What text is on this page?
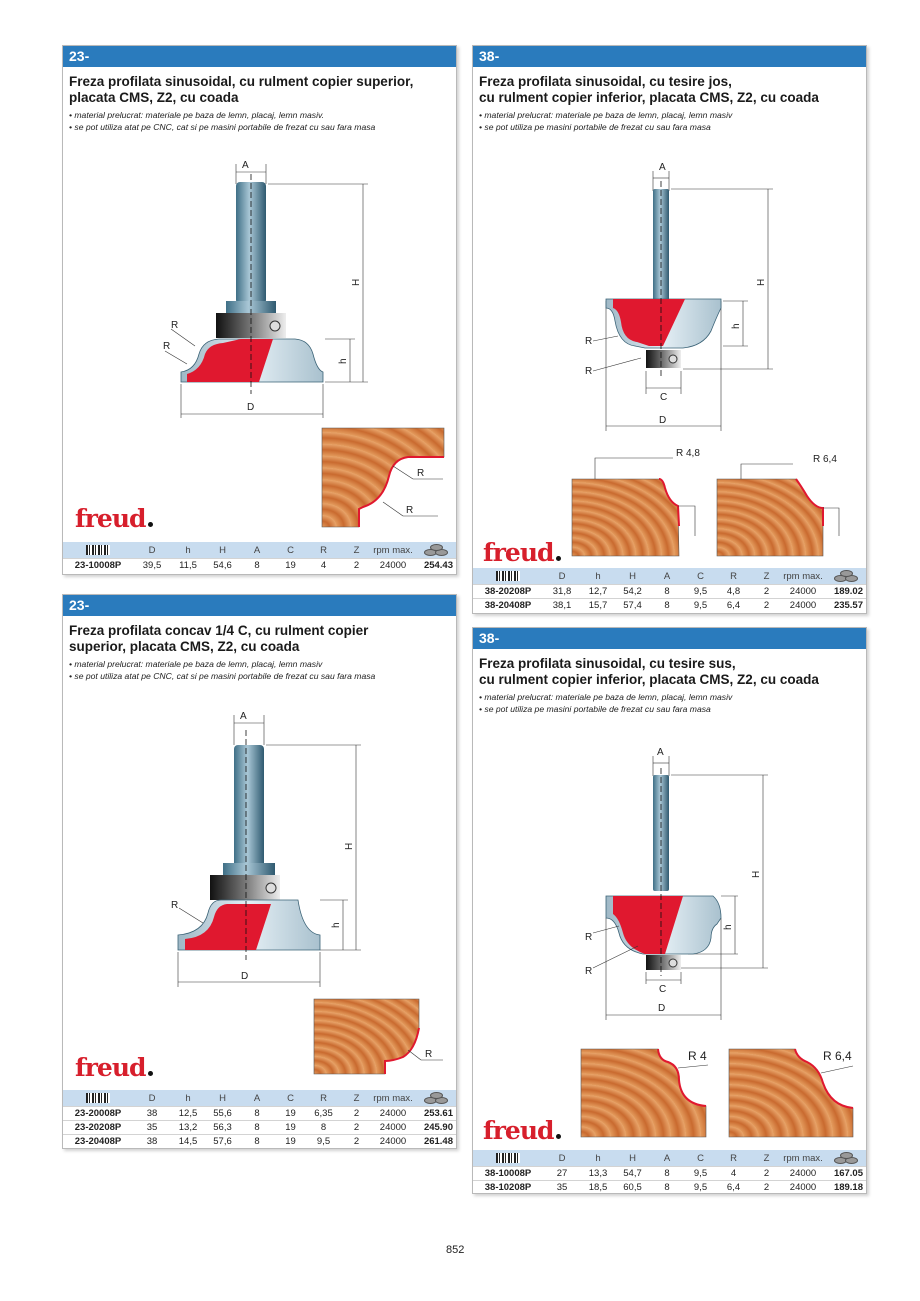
23-
Freza profilata sinusoidal, cu rulment copier superior,
placata CMS, Z2, cu coada
• material prelucrat: materiale pe baza de lemn, placaj, lemn masiv.
• se pot utiliza atat pe CNC, cat si pe masini portabile de frezat cu sau fara masa
A
H
h
D
R
R
R
R
freud
	D	h	H	A	C	R	Z	rpm max.	

23-10008P	39,5	11,5	54,6	8	19	4	2	24000	254.43
38-
Freza profilata sinusoidal, cu tesire jos,
cu rulment copier inferior, placata CMS, Z2, cu coada
• material prelucrat: materiale pe baza de lemn, placaj, lemn masiv
• se pot utiliza pe masini portabile de frezat cu sau fara masa
A
H
h
C
D
R
R
R 4,8
R 6,4
freud
	D	h	H	A	C	R	Z	rpm max.	

38-20208P	31,8	12,7	54,2	8	9,5	4,8	2	24000	189.02
38-20408P	38,1	15,7	57,4	8	9,5	6,4	2	24000	235.57
23-
Freza profilata concav 1/4 C, cu rulment copier
superior, placata CMS, Z2, cu coada
• material prelucrat: materiale pe baza de lemn, placaj, lemn masiv
• se pot utiliza atat pe CNC, cat si pe masini portabile de frezat cu sau fara masa
A
H
h
D
R
R
freud
	D	h	H	A	C	R	Z	rpm max.	

23-20008P	38	12,5	55,6	8	19	6,35	2	24000	253.61
23-20208P	35	13,2	56,3	8	19	8	2	24000	245.90
23-20408P	38	14,5	57,6	8	19	9,5	2	24000	261.48
38-
Freza profilata sinusoidal, cu tesire sus,
cu rulment copier inferior, placata CMS, Z2, cu coada
• material prelucrat: materiale pe baza de lemn, placaj, lemn masiv
• se pot utiliza pe masini portabile de frezat cu sau fara masa
A
H
h
C
D
R
R
R 4	R 6,4
freud
	D	h	H	A	C	R	Z	rpm max.	

38-10008P	27	13,3	54,7	8	9,5	4	2	24000	167.05
38-10208P	35	18,5	60,5	8	9,5	6,4	2	24000	189.18
852
